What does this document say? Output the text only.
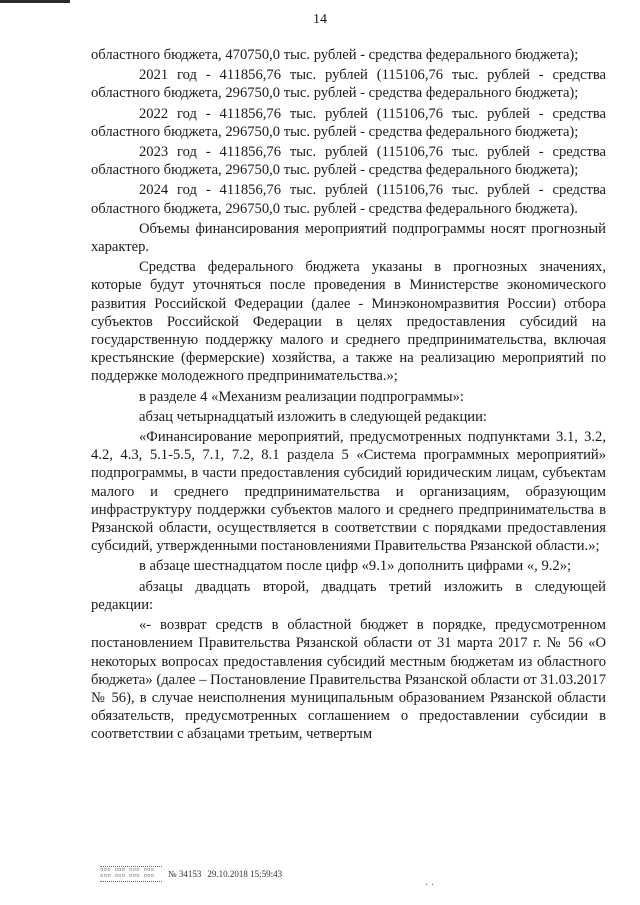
14

областного бюджета, 470750,0 тыс. рублей - средства федерального бюджета);

2021 год - 411856,76 тыс. рублей (115106,76 тыс. рублей - средства областного бюджета, 296750,0 тыс. рублей - средства федерального бюджета);

2022 год - 411856,76 тыс. рублей (115106,76 тыс. рублей - средства областного бюджета, 296750,0 тыс. рублей - средства федерального бюджета);

2023 год - 411856,76 тыс. рублей (115106,76 тыс. рублей - средства областного бюджета, 296750,0 тыс. рублей - средства федерального бюджета);

2024 год - 411856,76 тыс. рублей (115106,76 тыс. рублей - средства областного бюджета, 296750,0 тыс. рублей - средства федерального бюджета).

Объемы финансирования мероприятий подпрограммы носят прогнозный характер.

Средства федерального бюджета указаны в прогнозных значениях, которые будут уточняться после проведения в Министерстве экономического развития Российской Федерации (далее - Минэкономразвития России) отбора субъектов Российской Федерации в целях предоставления субсидий на государственную поддержку малого и среднего предпринимательства, включая крестьянские (фермерские) хозяйства, а также на реализацию мероприятий по поддержке молодежного предпринимательства.»;

в разделе 4 «Механизм реализации подпрограммы»:

абзац четырнадцатый изложить в следующей редакции:

«Финансирование мероприятий, предусмотренных подпунктами 3.1, 3.2, 4.2, 4.3, 5.1-5.5, 7.1, 7.2, 8.1 раздела 5 «Система программных мероприятий» подпрограммы, в части предоставления субсидий юридическим лицам, субъектам малого и среднего предпринимательства и организациям, образующим инфраструктуру поддержки субъектов малого и среднего предпринимательства в Рязанской области, осуществляется в соответствии с порядками предоставления субсидий, утвержденными постановлениями Правительства Рязанской области.»;

в абзаце шестнадцатом после цифр «9.1» дополнить цифрами «, 9.2»;

абзацы двадцать второй, двадцать третий изложить в следующей редакции:

«- возврат средств в областной бюджет в порядке, предусмотренном постановлением Правительства Рязанской области от 31 марта 2017 г. № 56 «О некоторых вопросах предоставления субсидий местным бюджетам из областного бюджета» (далее – Постановление Правительства Рязанской области от 31.03.2017 № 56), в случае неисполнения муниципальным образованием Рязанской области обязательств, предусмотренных соглашением о предоставлении субсидии в соответствии с абзацами третьим, четвертым

▫▫▫ ▫▫▫ ▫▫▫ ▫▫▫ ▫▫▫ ▫▫▫ ▫▫▫ ▫▫▫	№ 34153 29.10.2018 15:59:43
· ·
